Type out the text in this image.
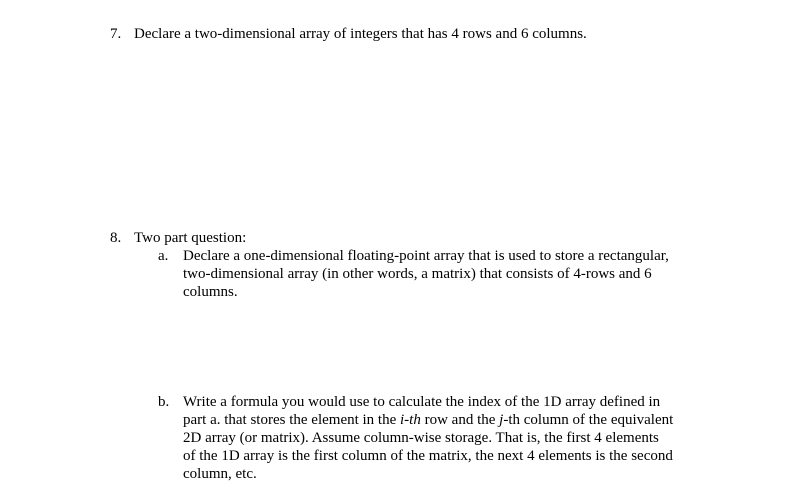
7. Declare a two-dimensional array of integers that has 4 rows and 6 columns.
8. Two part question:
a. Declare a one-dimensional floating-point array that is used to store a rectangular,
two-dimensional array (in other words, a matrix) that consists of 4-rows and 6
columns.
b. Write a formula you would use to calculate the index of the 1D array defined in
part a. that stores the element in the i-th row and the j-th column of the equivalent
2D array (or matrix). Assume column-wise storage. That is, the first 4 elements
of the 1D array is the first column of the matrix, the next 4 elements is the second
column, etc.
